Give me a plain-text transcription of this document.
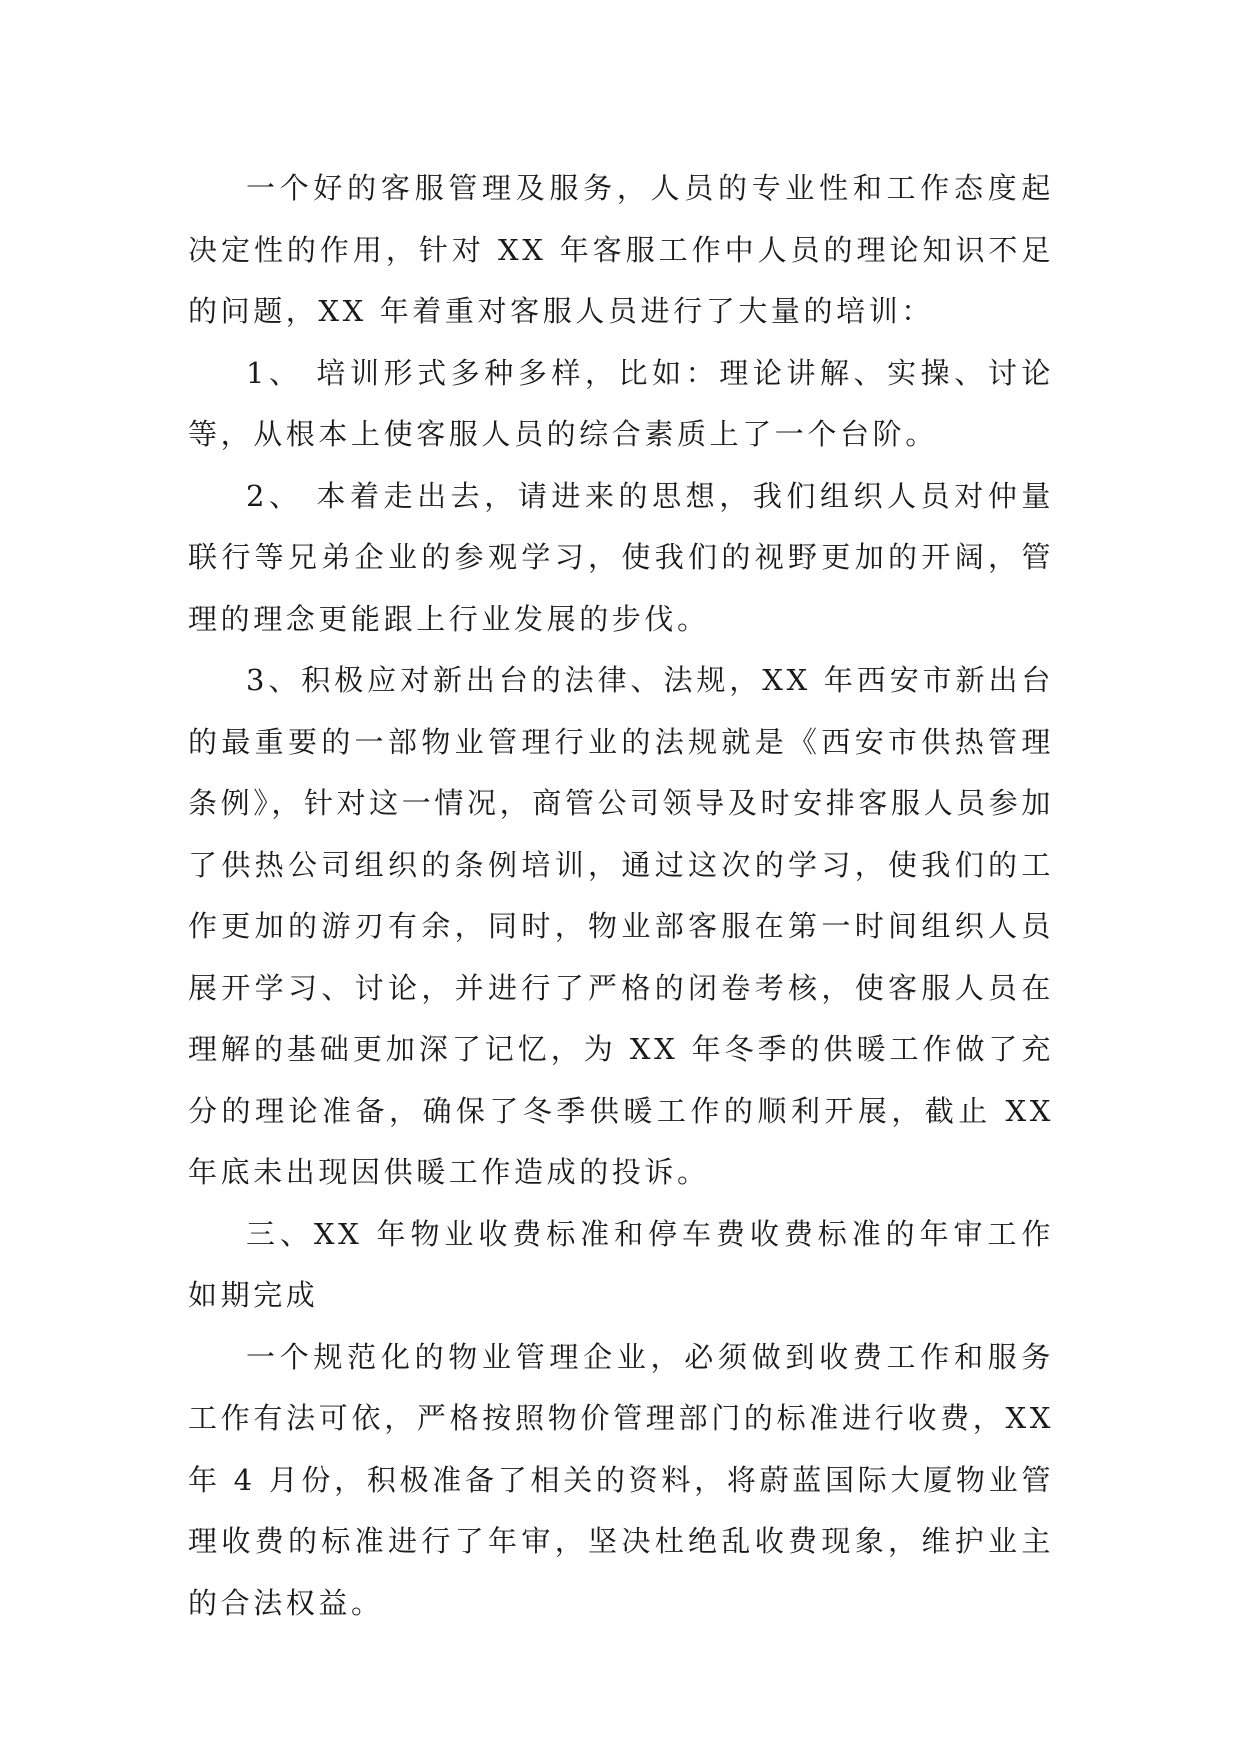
一个好的客服管理及服务，人员的专业性和工作态度起决定性的作用，针对 XX 年客服工作中人员的理论知识不足的问题，XX 年着重对客服人员进行了大量的培训：

1、 培训形式多种多样，比如：理论讲解、实操、讨论等，从根本上使客服人员的综合素质上了一个台阶。

2、 本着走出去，请进来的思想，我们组织人员对仲量联行等兄弟企业的参观学习，使我们的视野更加的开阔，管理的理念更能跟上行业发展的步伐。

3、积极应对新出台的法律、法规，XX 年西安市新出台的最重要的一部物业管理行业的法规就是《西安市供热管理条例》，针对这一情况，商管公司领导及时安排客服人员参加了供热公司组织的条例培训，通过这次的学习，使我们的工作更加的游刃有余，同时，物业部客服在第一时间组织人员展开学习、讨论，并进行了严格的闭卷考核，使客服人员在理解的基础更加深了记忆，为 XX 年冬季的供暖工作做了充分的理论准备，确保了冬季供暖工作的顺利开展，截止 XX 年底未出现因供暖工作造成的投诉。

三、XX 年物业收费标准和停车费收费标准的年审工作如期完成

一个规范化的物业管理企业，必须做到收费工作和服务工作有法可依，严格按照物价管理部门的标准进行收费，XX 年 4 月份，积极准备了相关的资料，将蔚蓝国际大厦物业管理收费的标准进行了年审，坚决杜绝乱收费现象，维护业主的合法权益。
